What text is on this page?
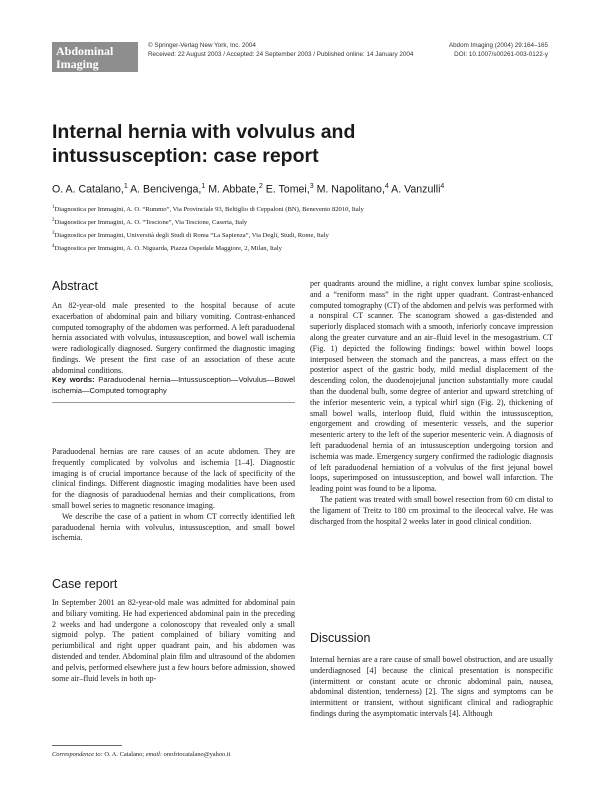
Abdominal
Imaging
© Springer-Verlag New York, Inc. 2004	Abdom Imaging (2004) 29:164–165
Received: 22 August 2003 / Accepted: 24 September 2003 / Published online: 14 January 2004	DOI: 10.1007/s00261-003-0122-y
Internal hernia with volvulus and
intussusception: case report
O. A. Catalano,$^1$ A. Bencivenga,$^1$ M. Abbate,$^2$ E. Tomei,$^3$ M. Napolitano,$^4$ A. Vanzulli$^4$
$^1$Diagnostica per Immagini, A. O. “Rummo”, Via Provinciale 93, Beltiglio di Ceppaloni (BN), Benevento 82010, Italy
$^2$Diagnostica per Immagini, A. O. “Tescione”, Via Tescione, Caserta, Italy
$^3$Diagnostica per Immagini, Università degli Studi di Roma “La Sapienza”, Via Degli, Studi, Rome, Italy
$^4$Diagnostica per Immagini, A. O. Niguarda, Piazza Ospedale Maggiore, 2, Milan, Italy
Abstract

An 82-year-old male presented to the hospital because of acute exacerbation of abdominal pain and biliary vomiting. Contrast-enhanced computed tomography of the abdomen was performed. A left paraduodenal hernia associated with volvulus, intussusception, and bowel wall ischemia were radiologically diagnosed. Surgery confirmed the diagnostic imaging findings. We present the first case of an association of these acute abdominal conditions.

Key words: Paraduodenal hernia—Intussusception—Volvulus—Bowel ischemia—Computed tomography

Paraduodenal hernias are rare causes of an acute abdomen. They are frequently complicated by volvolus and ischemia [1–4]. Diagnostic imaging is of crucial importance because of the lack of specificity of the clinical findings. Different diagnostic imaging modalities have been used for the diagnosis of paraduodenal hernias and their complications, from small bowel series to magnetic resonance imaging.

We describe the case of a patient in whom CT correctly identified left paraduodenal hernia with volvulus, intussusception, and small bowel ischemia.

Case report

In September 2001 an 82-year-old male was admitted for abdominal pain and biliary vomiting. He had experienced abdominal pain in the preceding 2 weeks and had undergone a colonoscopy that revealed only a small sigmoid polyp. The patient complained of biliary vomiting and periumbilical and right upper quadrant pain, and his abdomen was distended and tender. Abdominal plain film and ultrasound of the abdomen and pelvis, performed elsewhere just a few hours before admission, showed some air–fluid levels in both up-

Correspondence to: O. A. Catalano; email: onofriocatalano@yahoo.it

per quadrants around the midline, a right convex lumbar spine scoliosis, and a “reniform mass” in the right upper quadrant. Contrast-enhanced computed tomography (CT) of the abdomen and pelvis was performed with a nonspiral CT scanner. The scanogram showed a gas-distended and superiorly displaced stomach with a smooth, inferiorly concave impression along the greater curvature and an air–fluid level in the mesogastrium. CT (Fig. 1) depicted the following findings: bowel within bowel loops interposed between the stomach and the pancreas, a mass effect on the posterior aspect of the gastric body, mild medial displacement of the descending colon, the duodenojejunal junction substantially more caudal than the duodenal bulb, some degree of anterior and upward stretching of the inferior mesenteric vein, a typical whirl sign (Fig. 2), thickening of small bowel walls, interloop fluid, fluid within the intussusception, engorgement and crowding of mesenteric vessels, and the superior mesenteric artery to the left of the superior mesenteric vein. A diagnosis of left paraduodenal hernia of an intussusception undergoing torsion and ischemia was made. Emergency surgery confirmed the radiologic diagnosis of left paraduodenal herniation of a volvulus of the first jejunal bowel loops, superimposed on intussusception, and bowel wall infarction. The leading point was found to be a lipoma.

The patient was treated with small bowel resection from 60 cm distal to the ligament of Treitz to 180 cm proximal to the ileocecal valve. He was discharged from the hospital 2 weeks later in good clinical condition.

Discussion

Internal hernias are a rare cause of small bowel obstruction, and are usually underdiagnosed [4] because the clinical presentation is nonspecific (intermittent or constant acute or chronic abdominal pain, nausea, abdominal distention, tenderness) [2]. The signs and symptoms can be intermittent or transient, without significant clinical and radiographic findings during the asymptomatic intervals [4]. Although
